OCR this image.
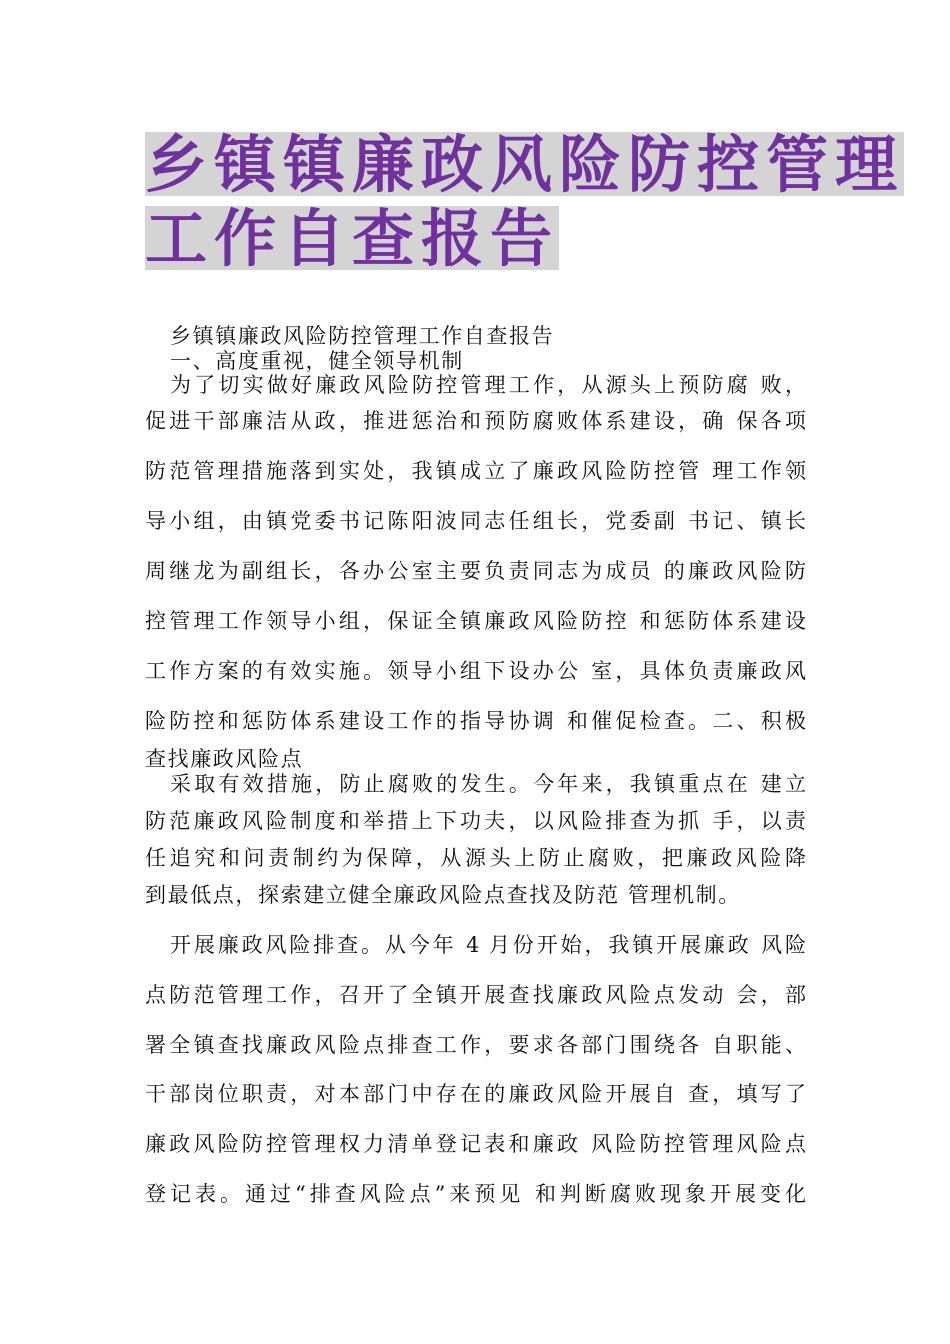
乡镇镇廉政风险防控管理
工作自查报告
乡镇镇廉政风险防控管理工作自查报告
一、高度重视，健全领导机制
为了切实做好廉政风险防控管理工作，从源头上预防腐 败，
促进干部廉洁从政，推进惩治和预防腐败体系建设，确 保各项
防范管理措施落到实处，我镇成立了廉政风险防控管 理工作领
导小组，由镇党委书记陈阳波同志任组长，党委副 书记、镇长
周继龙为副组长，各办公室主要负责同志为成员 的廉政风险防
控管理工作领导小组，保证全镇廉政风险防控 和惩防体系建设
工作方案的有效实施。领导小组下设办公 室，具体负责廉政风
险防控和惩防体系建设工作的指导协调 和催促检查。二、积极
查找廉政风险点
采取有效措施，防止腐败的发生。今年来，我镇重点在 建立
防范廉政风险制度和举措上下功夫，以风险排查为抓 手，以责
任追究和问责制约为保障，从源头上防止腐败，把廉政风险降
到最低点，探索建立健全廉政风险点查找及防范 管理机制。
开展廉政风险排查。从今年 4 月份开始，我镇开展廉政 风险
点防范管理工作，召开了全镇开展查找廉政风险点发动 会，部
署全镇查找廉政风险点排查工作，要求各部门围绕各 自职能、
干部岗位职责，对本部门中存在的廉政风险开展自 查，填写了
廉政风险防控管理权力清单登记表和廉政 风险防控管理风险点
登记表。通过“排查风险点”来预见 和判断腐败现象开展变化
